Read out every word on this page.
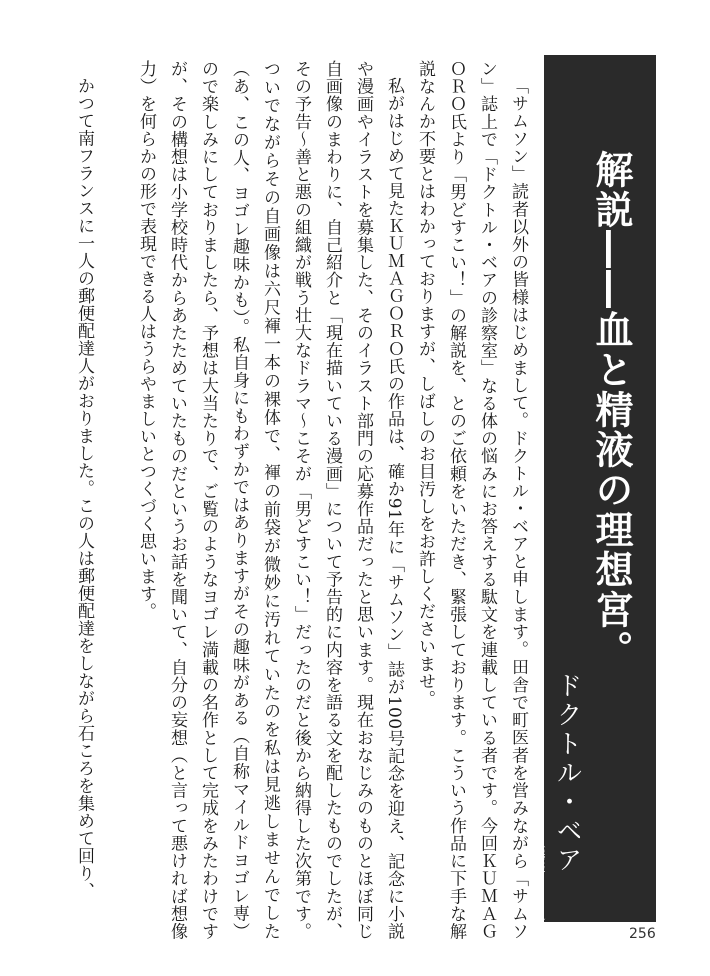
解説――血と精液の理想宮。
ドクトル・ベア
（熊医者ライター）

「サムソン」読者以外の皆様はじめまして。ドクトル・ベアと申します。田舎で町医者を営みながら「サムソン」誌上で「ドクトル・ベアの診察室」なる体の悩みにお答えする駄文を連載している者です。今回ＫＵＭＡＧＯＲＯ氏より「男どすこい！」の解説を、とのご依頼をいただき、緊張しております。こういう作品に下手な解説なんか不要とはわかっておりますが、しばしのお目汚しをお許しくださいませ。

私がはじめて見たＫＵＭＡＧＯＲＯ氏の作品は、確か91年に「サムソン」誌が100号記念を迎え、記念に小説や漫画やイラストを募集した、そのイラスト部門の応募作品だったと思います。現在おなじみのものとほぼ同じ自画像のまわりに、自己紹介と「現在描いている漫画」について予告的に内容を語る文を配したものでしたが、その予告～善と悪の組織が戦う壮大なドラマ～こそが「男どすこい！」だったのだと後から納得した次第です。ついでながらその自画像は六尺褌一本の裸体で、褌の前袋が微妙に汚れていたのを私は見逃しませんでした（あ、この人、ヨゴレ趣味かも）。私自身にもわずかではありますがその趣味がある（自称マイルドヨゴレ専）ので楽しみにしておりましたら、予想は大当たりで、ご覧のようなヨゴレ満載の名作として完成をみたわけですが、その構想は小学校時代からあたためていたものだというお話を聞いて、自分の妄想（と言って悪ければ想像力）を何らかの形で表現できる人はうらやましいとつくづく思います。

かつて南フランスに一人の郵便配達人がおりました。この人は郵便配達をしながら石ころを集めて回り、

256
